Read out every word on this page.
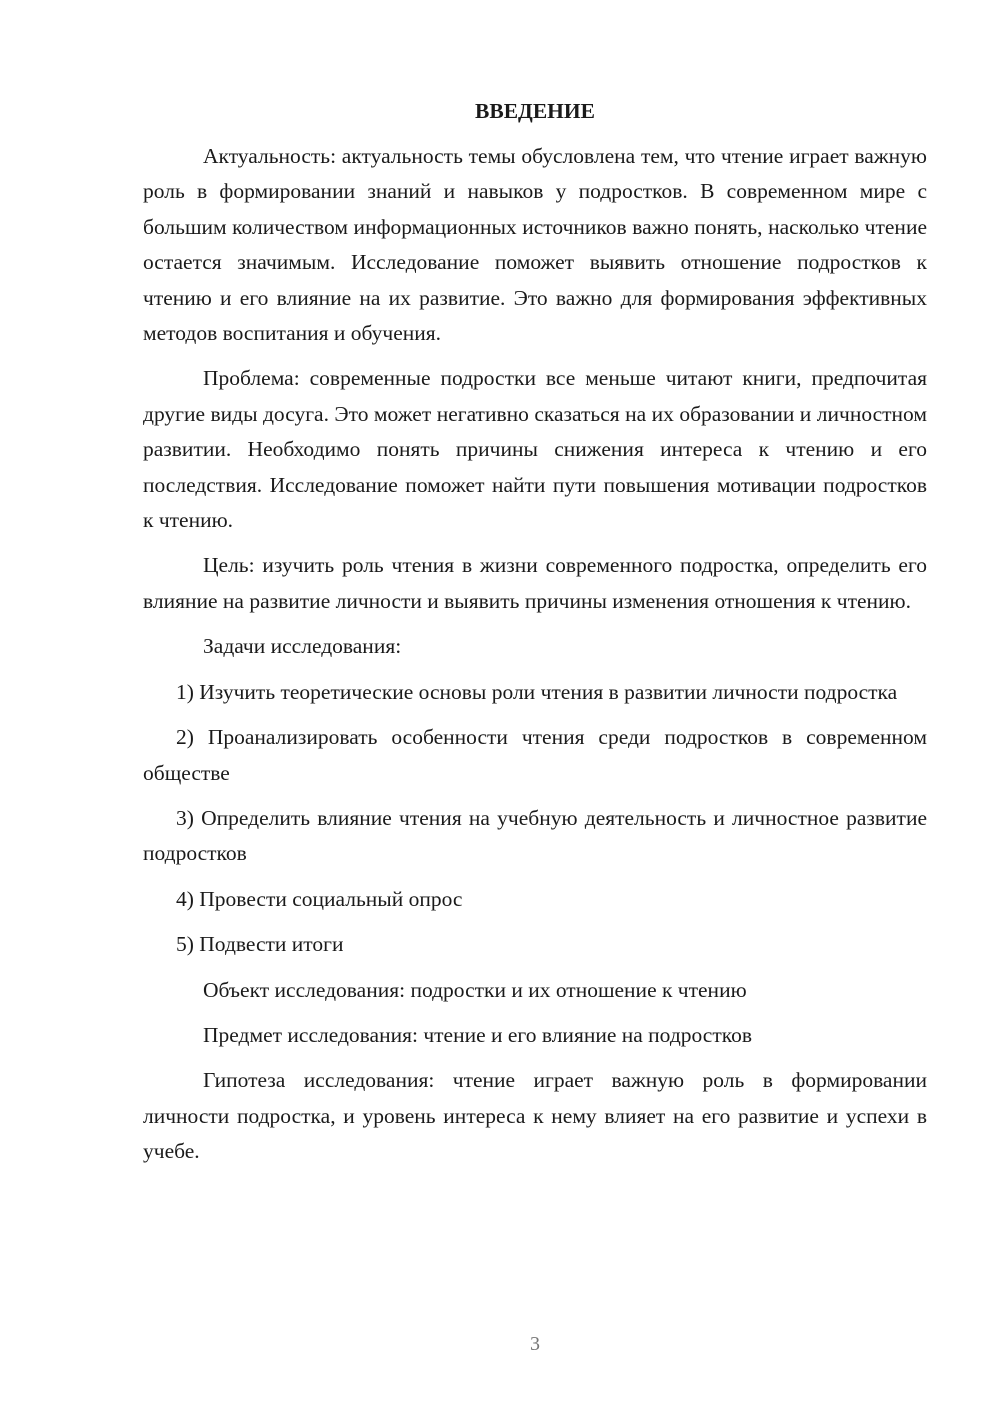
ВВЕДЕНИЕ

Актуальность: актуальность темы обусловлена тем, что чтение играет важную роль в формировании знаний и навыков у подростков. В современном мире с большим количеством информационных источников важно понять, насколько чтение остается значимым. Исследование поможет выявить отношение подростков к чтению и его влияние на их развитие. Это важно для формирования эффективных методов воспитания и обучения.

Проблема: современные подростки все меньше читают книги, предпочитая другие виды досуга. Это может негативно сказаться на их образовании и личностном развитии. Необходимо понять причины снижения интереса к чтению и его последствия. Исследование поможет найти пути повышения мотивации подростков к чтению.

Цель: изучить роль чтения в жизни современного подростка, определить его влияние на развитие личности и выявить причины изменения отношения к чтению.

Задачи исследования:

1) Изучить теоретические основы роли чтения в развитии личности подростка

2) Проанализировать особенности чтения среди подростков в современном обществе

3) Определить влияние чтения на учебную деятельность и личностное развитие подростков

4) Провести социальный опрос

5) Подвести итоги

Объект исследования: подростки и их отношение к чтению

Предмет исследования: чтение и его влияние на подростков

Гипотеза исследования: чтение играет важную роль в формировании личности подростка, и уровень интереса к нему влияет на его развитие и успехи в учебе.

3
